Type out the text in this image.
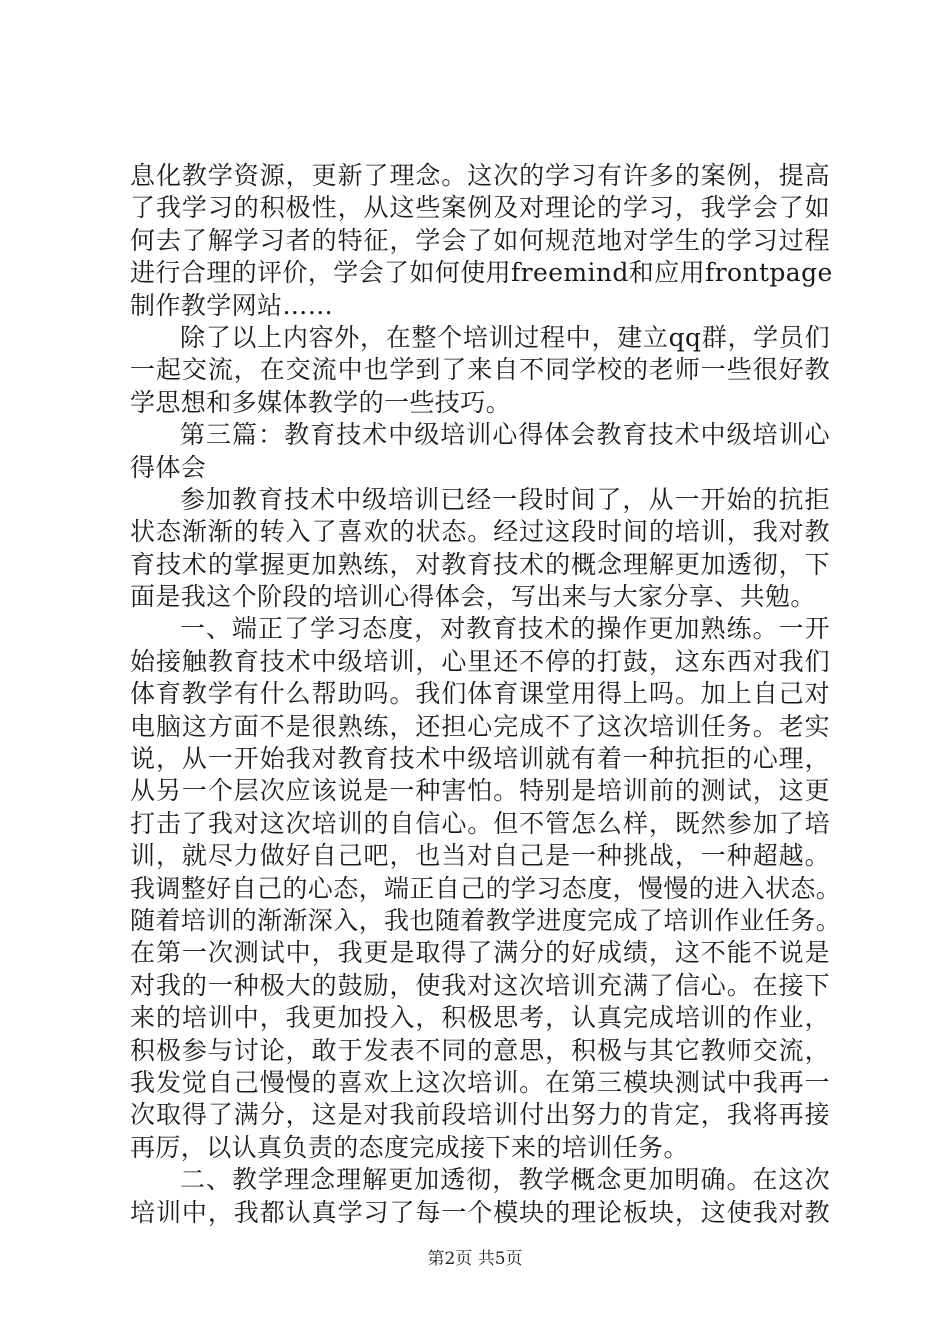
息化教学资源，更新了理念。这次的学习有许多的案例，提高
了我学习的积极性，从这些案例及对理论的学习，我学会了如
何去了解学习者的特征，学会了如何规范地对学生的学习过程
进行合理的评价，学会了如何使用freemind和应用frontpage
制作教学网站……
除了以上内容外，在整个培训过程中，建立qq群，学员们
一起交流，在交流中也学到了来自不同学校的老师一些很好教
学思想和多媒体教学的一些技巧。
第三篇：教育技术中级培训心得体会教育技术中级培训心
得体会
参加教育技术中级培训已经一段时间了，从一开始的抗拒
状态渐渐的转入了喜欢的状态。经过这段时间的培训，我对教
育技术的掌握更加熟练，对教育技术的概念理解更加透彻，下
面是我这个阶段的培训心得体会，写出来与大家分享、共勉。
一、端正了学习态度，对教育技术的操作更加熟练。一开
始接触教育技术中级培训，心里还不停的打鼓，这东西对我们
体育教学有什么帮助吗。我们体育课堂用得上吗。加上自己对
电脑这方面不是很熟练，还担心完成不了这次培训任务。老实
说，从一开始我对教育技术中级培训就有着一种抗拒的心理，
从另一个层次应该说是一种害怕。特别是培训前的测试，这更
打击了我对这次培训的自信心。但不管怎么样，既然参加了培
训，就尽力做好自己吧，也当对自己是一种挑战，一种超越。
我调整好自己的心态，端正自己的学习态度，慢慢的进入状态。
随着培训的渐渐深入，我也随着教学进度完成了培训作业任务。
在第一次测试中，我更是取得了满分的好成绩，这不能不说是
对我的一种极大的鼓励，使我对这次培训充满了信心。在接下
来的培训中，我更加投入，积极思考，认真完成培训的作业，
积极参与讨论，敢于发表不同的意思，积极与其它教师交流，
我发觉自己慢慢的喜欢上这次培训。在第三模块测试中我再一
次取得了满分，这是对我前段培训付出努力的肯定，我将再接
再厉，以认真负责的态度完成接下来的培训任务。
二、教学理念理解更加透彻，教学概念更加明确。在这次
培训中，我都认真学习了每一个模块的理论板块，这使我对教
第2页 共5页
